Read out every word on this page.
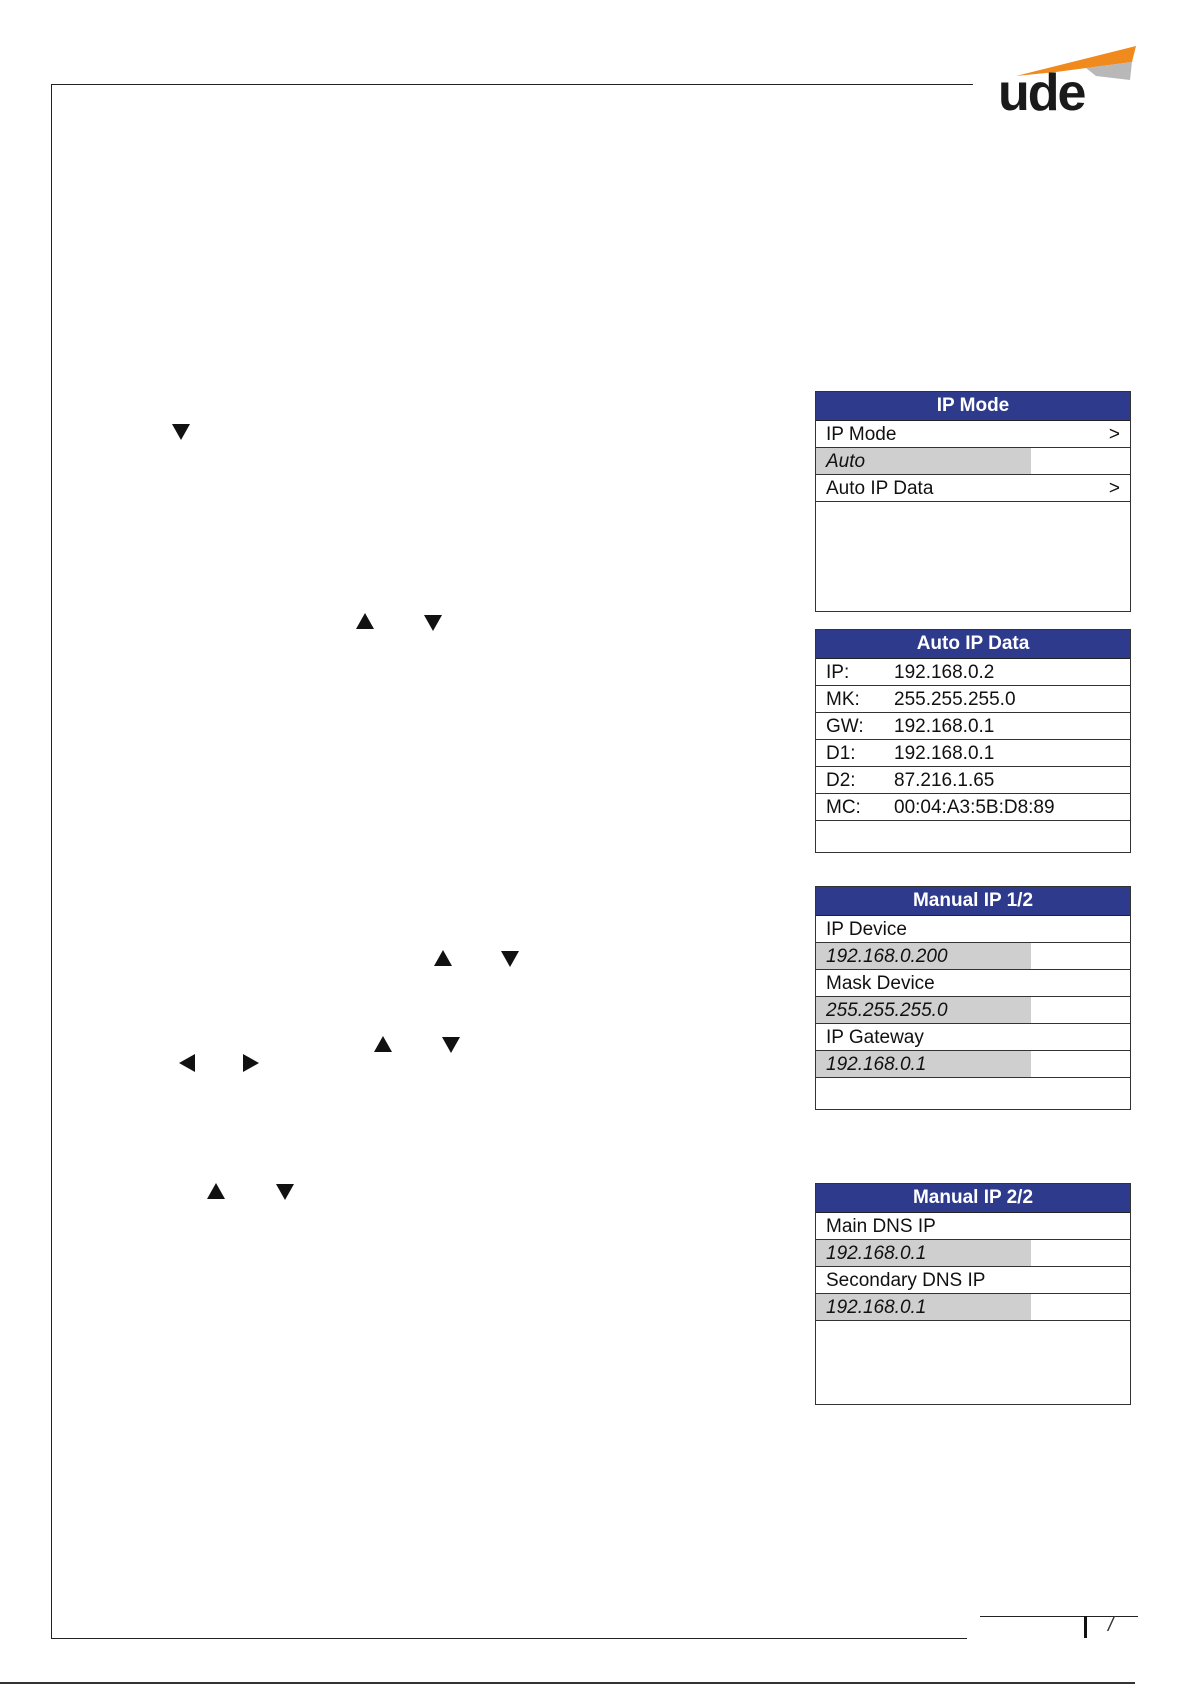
/
ude
IP Mode
IP Mode	>
Auto
Auto IP Data	>
Auto IP Data
IP: 192.168.0.2
MK: 255.255.255.0
GW: 192.168.0.1
D1: 192.168.0.1
D2: 87.216.1.65
MC: 00:04:A3:5B:D8:89
Manual IP 1/2
IP Device
192.168.0.200
Mask Device
255.255.255.0
IP Gateway
192.168.0.1
Manual IP 2/2
Main DNS IP
192.168.0.1
Secondary DNS IP
192.168.0.1
